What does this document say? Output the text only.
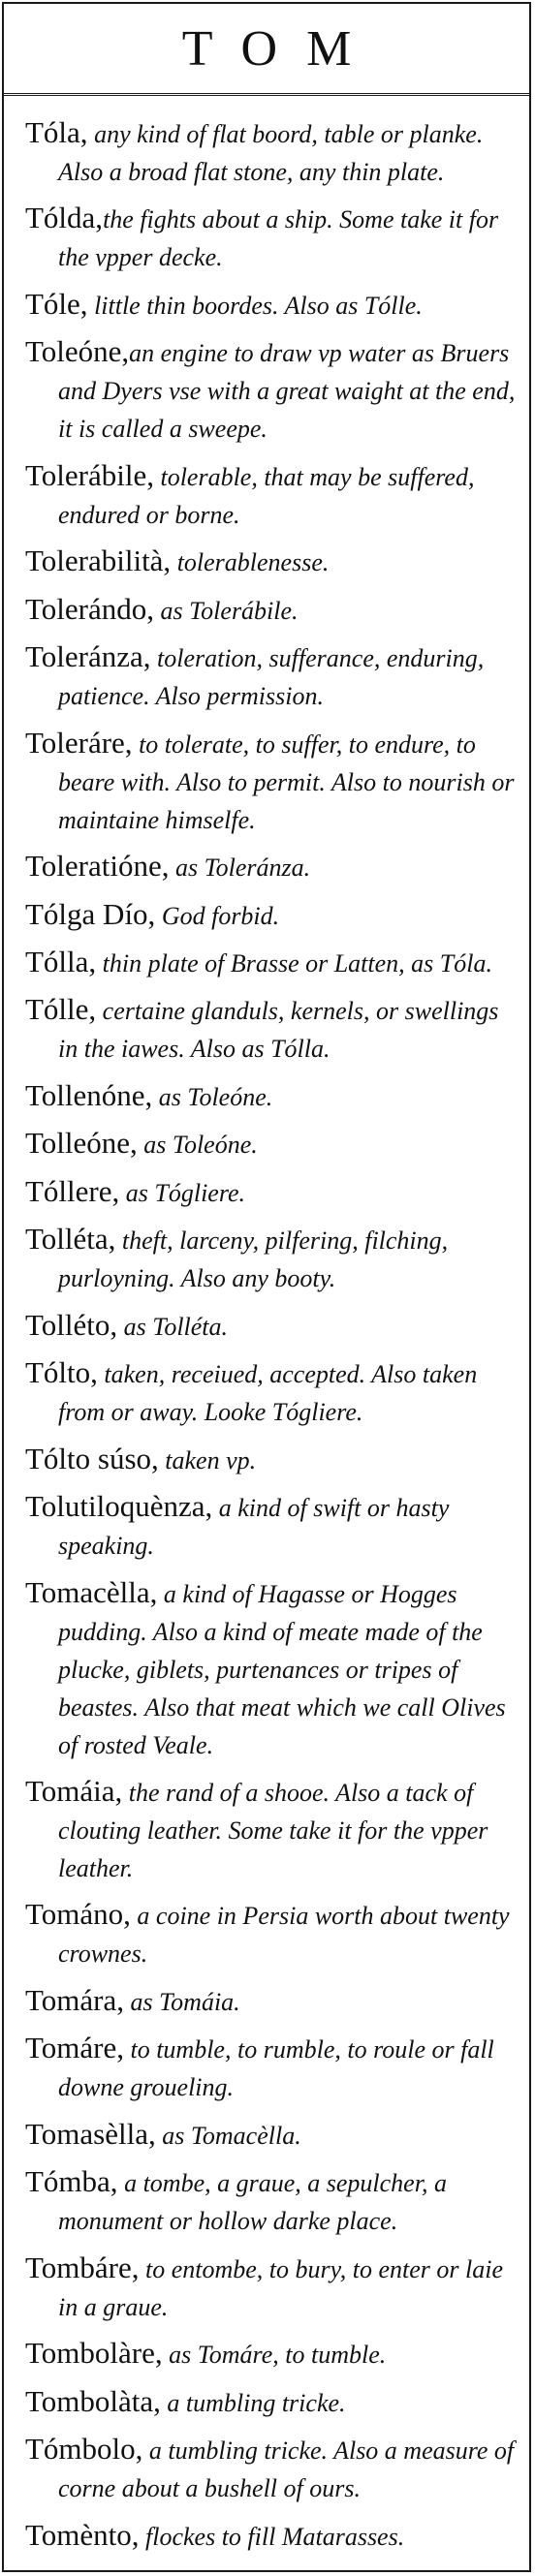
TOM
Tóla, any kind of flat boord, table or planke. Also a broad flat stone, any thin plate.
Tólda,the fights about a ship. Some take it for the vpper decke.
Tóle, little thin boordes. Also as Tólle.
Toleóne,an engine to draw vp water as Bruers and Dyers vse with a great waight at the end, it is called a sweepe.
Tolerábile, tolerable, that may be suffered, endured or borne.
Tolerabilità, tolerablenesse.
Tolerándo, as Tolerábile.
Toleránza, toleration, sufferance, enduring, patience. Also permission.
Toleráre, to tolerate, to suffer, to endure, to beare with. Also to permit. Also to nourish or maintaine himselfe.
Toleratióne, as Toleránza.
Tólga Dío, God forbid.
Tólla, thin plate of Brasse or Latten, as Tóla.
Tólle, certaine glanduls, kernels, or swellings in the iawes. Also as Tólla.
Tollenóne, as Toleóne.
Tolleóne, as Toleóne.
Tóllere, as Tógliere.
Tolléta, theft, larceny, pilfering, filching, purloyning. Also any booty.
Tolléto, as Tolléta.
Tólto, taken, receiued, accepted. Also taken from or away. Looke Tógliere.
Tólto súso, taken vp.
Tolutiloquènza, a kind of swift or hasty speaking.
Tomacèlla, a kind of Hagasse or Hogges pudding. Also a kind of meate made of the plucke, giblets, purtenances or tripes of beastes. Also that meat which we call Olives of rosted Veale.
Tomáia, the rand of a shooe. Also a tack of clouting leather. Some take it for the vpper leather.
Tománo, a coine in Persia worth about twenty crownes.
Tomára, as Tomáia.
Tomáre, to tumble, to rumble, to roule or fall downe groueling.
Tomasèlla, as Tomacèlla.
Tómba, a tombe, a graue, a sepulcher, a monument or hollow darke place.
Tombáre, to entombe, to bury, to enter or laie in a graue.
Tombolàre, as Tomáre, to tumble.
Tombolàta, a tumbling tricke.
Tómbolo, a tumbling tricke. Also a measure of corne about a bushell of ours.
Tomènto, flockes to fill Matarasses.
